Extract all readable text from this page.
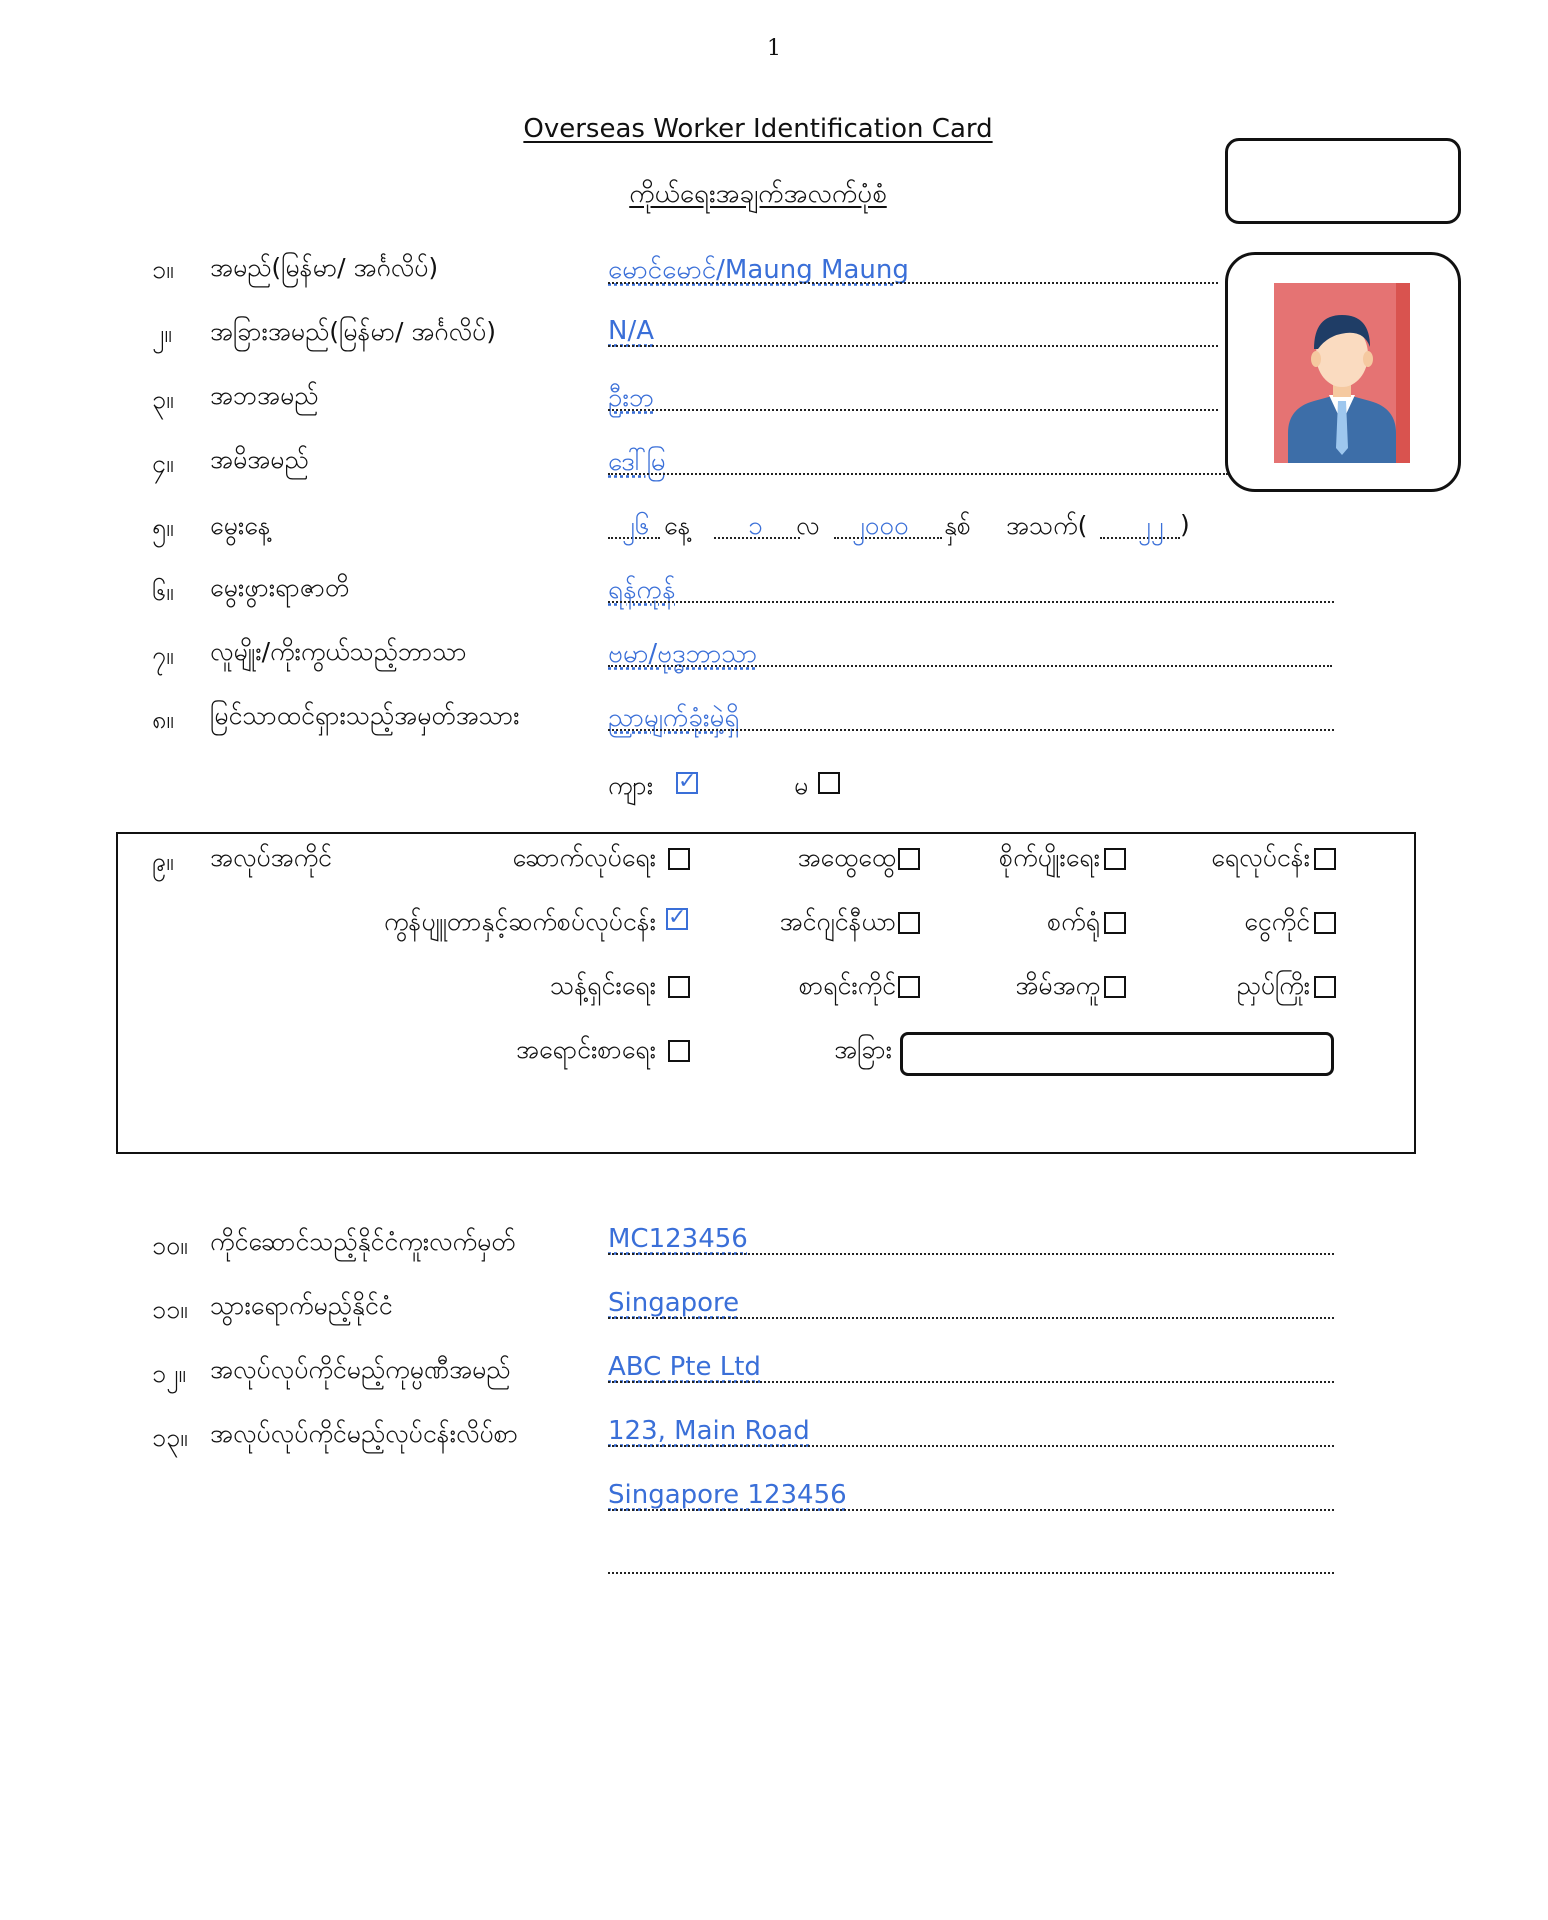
1
Overseas Worker Identification Card
ကိုယ်ရေးအချက်အလက်ပုံစံ
၁။	အမည်(မြန်မာ/ အင်္ဂလိပ်)	မောင်မောင်/Maung Maung
၂။	အခြားအမည်(မြန်မာ/ အင်္ဂလိပ်)	N/A
၃။	အဘအမည်	ဦးဘ
၄။	အမိအမည်	ဒေါ်မြ
၅။	မွေးနေ့	၂၆ နေ့ ၁ လ ၂၀၀၀ နှစ် အသက်( ၂၂ )
၆။	မွေးဖွားရာဇာတိ	ရန်ကုန်
၇။	လူမျိုး/ကိုးကွယ်သည့်ဘာသာ	ဗမာ/ဗုဒ္ဓဘာသာ
၈။	မြင်သာထင်ရှားသည့်အမှတ်အသား	ညာမျက်ခုံးမှဲ့ရှိ
ကျား ✓	မ
၉။	အလုပ်အကိုင်	ဆောက်လုပ်ရေး	အထွေထွေ	စိုက်ပျိုးရေး	ရေလုပ်ငန်း
ကွန်ပျူတာနှင့်ဆက်စပ်လုပ်ငန်း ✓	အင်ဂျင်နီယာ	စက်ရုံ	ငွေကိုင်
သန့်ရှင်းရေး	စာရင်းကိုင်	အိမ်အကူ	ညှပ်ကြိုး
အရောင်းစာရေး	အခြား
၁၀။ ကိုင်ဆောင်သည့်နိုင်ငံကူးလက်မှတ်	MC123456
၁၁။ သွားရောက်မည့်နိုင်ငံ	Singapore
၁၂။ အလုပ်လုပ်ကိုင်မည့်ကုမ္ပဏီအမည်	ABC Pte Ltd
၁၃။ အလုပ်လုပ်ကိုင်မည့်လုပ်ငန်းလိပ်စာ	123, Main Road
Singapore 123456
